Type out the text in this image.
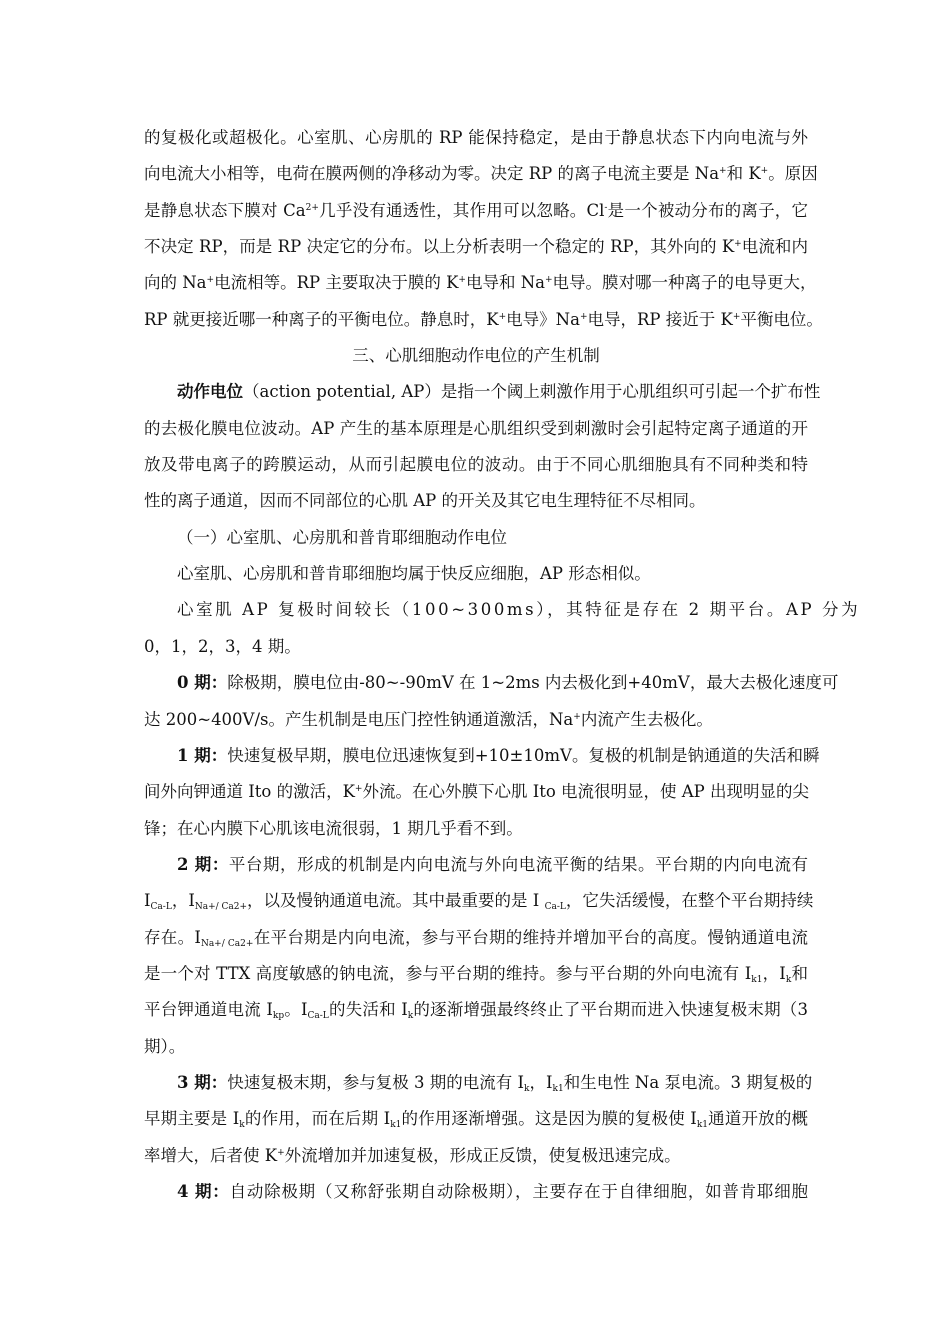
的复极化或超极化。心室肌、心房肌的 RP 能保持稳定，是由于静息状态下内向电流与外
向电流大小相等，电荷在膜两侧的净移动为零。决定 RP 的离子电流主要是 Na+和 K+。原因
是静息状态下膜对 $Ca^{2+}$几乎没有通透性，其作用可以忽略。Cl-是一个被动分布的离子，它
不决定 RP，而是 RP 决定它的分布。以上分析表明一个稳定的 RP，其外向的 K+电流和内
向的 Na+电流相等。RP 主要取决于膜的 K+电导和 Na+电导。膜对哪一种离子的电导更大，
RP 就更接近哪一种离子的平衡电位。静息时，K+电导》Na+电导，RP 接近于 K+平衡电位。
三、心肌细胞动作电位的产生机制
动作电位（action potential, AP）是指一个阈上刺激作用于心肌组织可引起一个扩布性
的去极化膜电位波动。AP 产生的基本原理是心肌组织受到刺激时会引起特定离子通道的开
放及带电离子的跨膜运动，从而引起膜电位的波动。由于不同心肌细胞具有不同种类和特
性的离子通道，因而不同部位的心肌 AP 的开关及其它电生理特征不尽相同。
（一）心室肌、心房肌和普肯耶细胞动作电位
心室肌、心房肌和普肯耶细胞均属于快反应细胞，AP 形态相似。
心室肌 AP 复极时间较长（100~300ms），其特征是存在 2 期平台。AP 分为
0，1，2，3，4 期。
0 期：除极期，膜电位由-80~-90mV 在 1~2ms 内去极化到+40mV，最大去极化速度可
达 200~400V/s。产生机制是电压门控性钠通道激活，Na+内流产生去极化。
1 期：快速复极早期，膜电位迅速恢复到+10±10mV。复极的机制是钠通道的失活和瞬
间外向钾通道 Ito 的激活，K+外流。在心外膜下心肌 Ito 电流很明显，使 AP 出现明显的尖
锋；在心内膜下心肌该电流很弱，1 期几乎看不到。
2 期：平台期，形成的机制是内向电流与外向电流平衡的结果。平台期的内向电流有
$I_{Ca-L}$，$I_{Na+/ Ca2+}$，以及慢钠通道电流。其中最重要的是 I $_{Ca-L}$，它失活缓慢，在整个平台期持续
存在。$I_{Na+/ Ca2+}$在平台期是内向电流，参与平台期的维持并增加平台的高度。慢钠通道电流
是一个对 TTX 高度敏感的钠电流，参与平台期的维持。参与平台期的外向电流有 $I_{k1}$，$I_k$和
平台钾通道电流 $I_{kp}$。$I_{Ca-L}$的失活和 $I_k$的逐渐增强最终终止了平台期而进入快速复极末期（3
期）。
3 期：快速复极末期，参与复极 3 期的电流有 $I_k$，$I_{k1}$和生电性 Na 泵电流。3 期复极的
早期主要是 $I_k$的作用，而在后期 $I_{k1}$的作用逐渐增强。这是因为膜的复极使 $I_{k1}$通道开放的概
率增大，后者使 K+外流增加并加速复极，形成正反馈，使复极迅速完成。
4 期：自动除极期（又称舒张期自动除极期），主要存在于自律细胞，如普肯耶细胞
